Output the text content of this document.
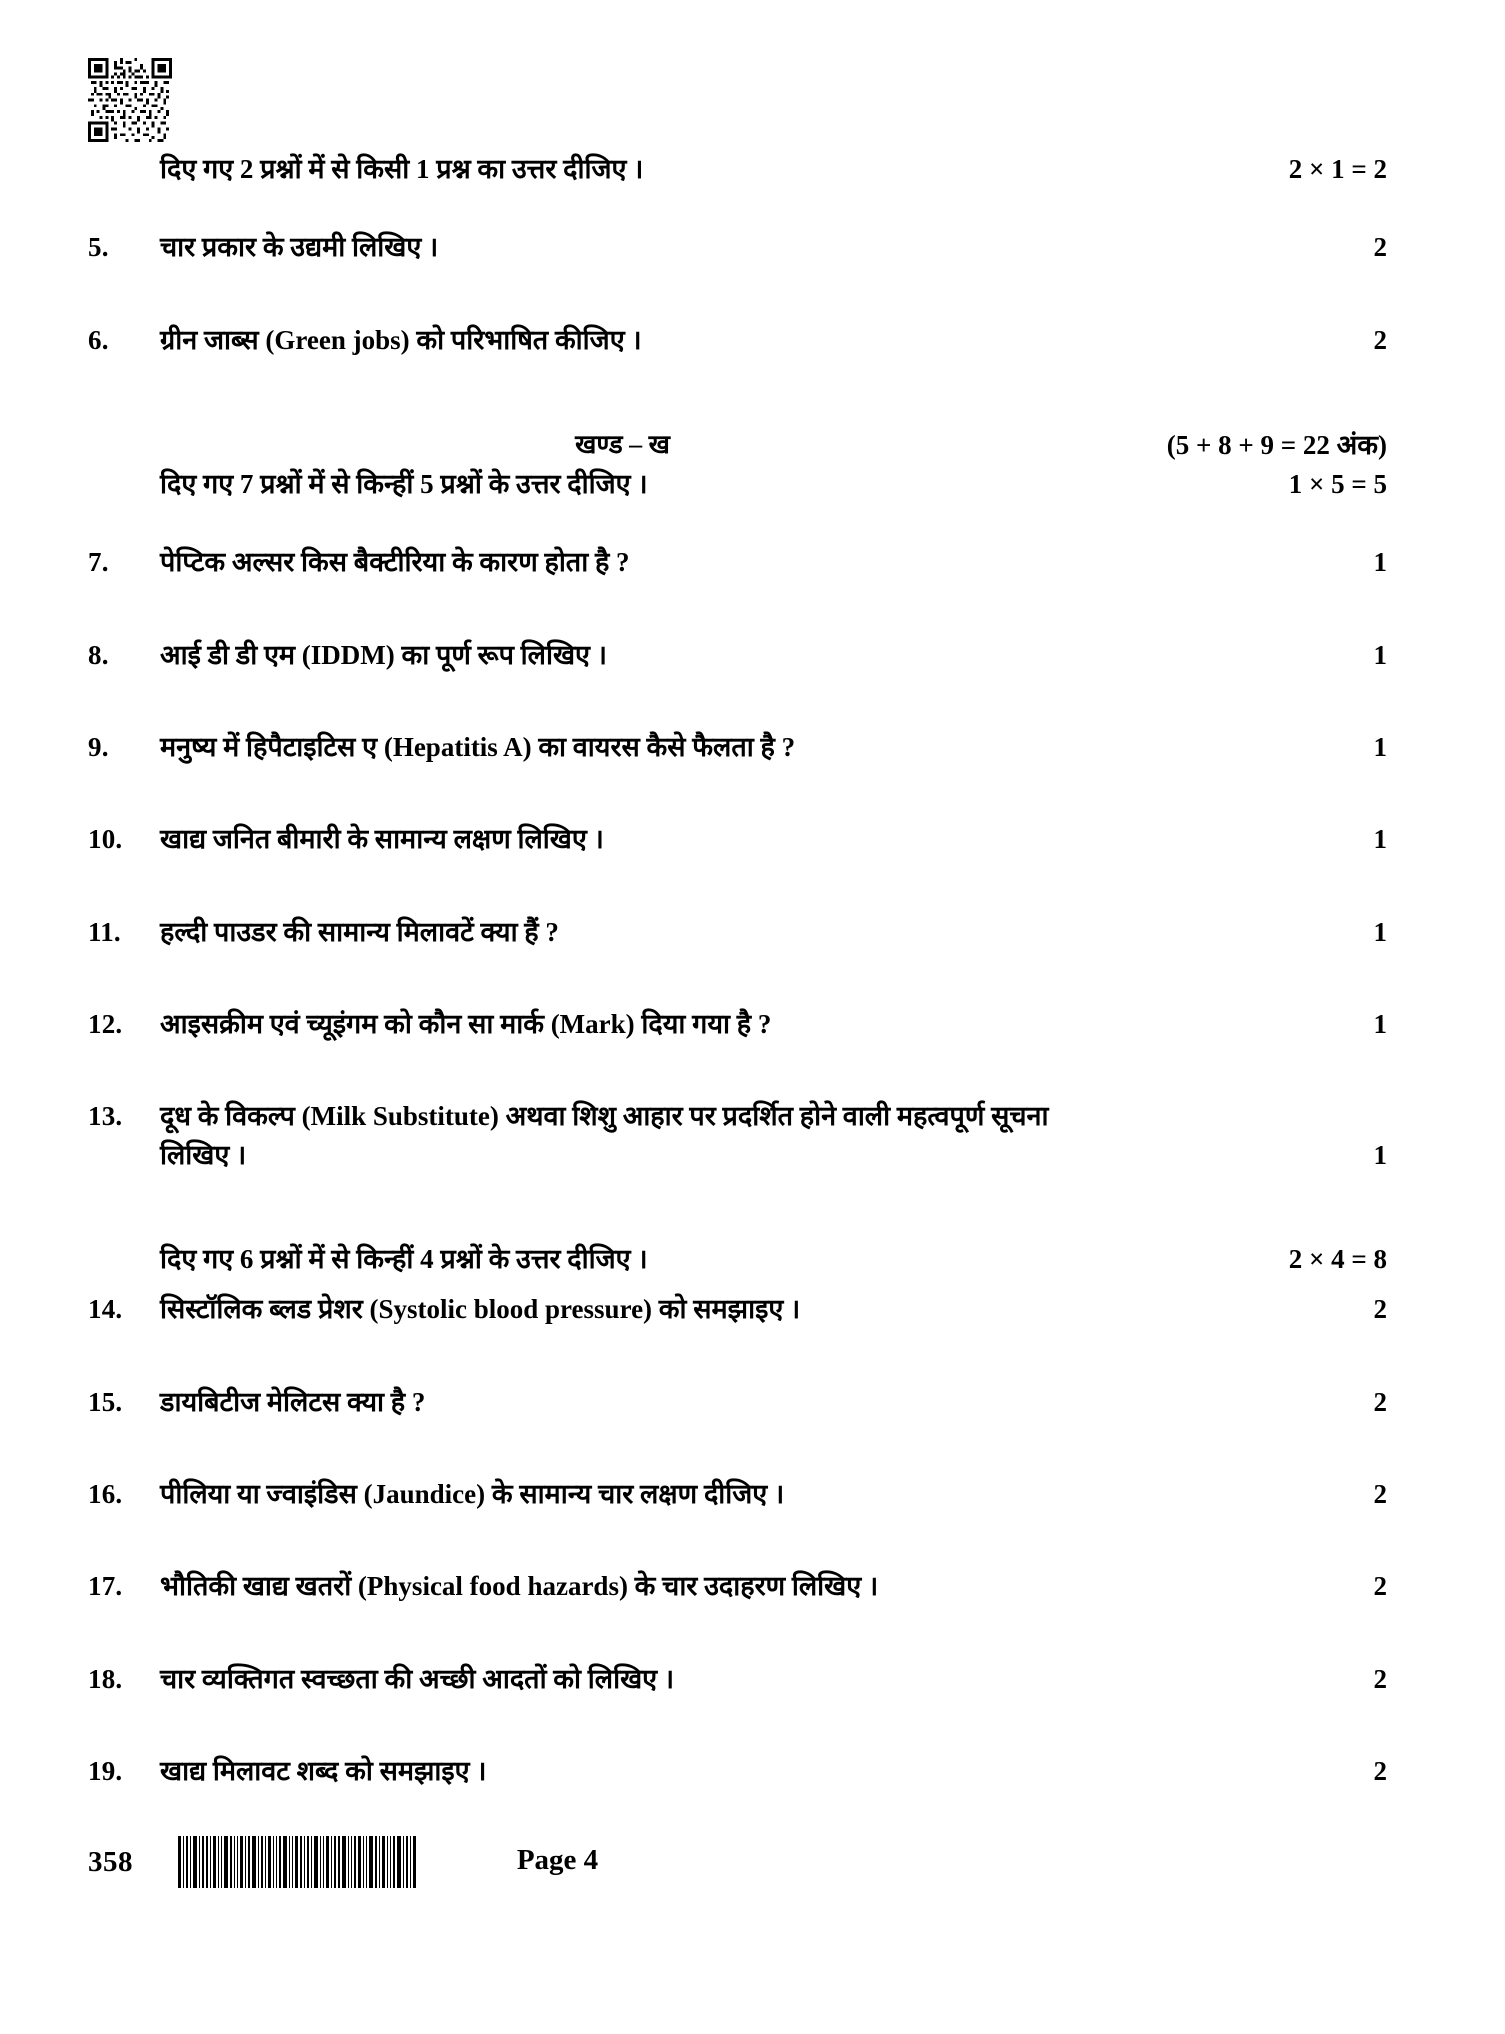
दिए गए 2 प्रश्नों में से किसी 1 प्रश्न का उत्तर दीजिए ।	2 × 1 = 2
5.	चार प्रकार के उद्यमी लिखिए ।	2
6.	ग्रीन जाब्स (Green jobs) को परिभाषित कीजिए ।	2
खण्ड – ख	(5 + 8 + 9 = 22 अंक)
दिए गए 7 प्रश्नों में से किन्हीं 5 प्रश्नों के उत्तर दीजिए ।	1 × 5 = 5
7.	पेप्टिक अल्सर किस बैक्टीरिया के कारण होता है ?	1
8.	आई डी डी एम (IDDM) का पूर्ण रूप लिखिए ।	1
9.	मनुष्य में हिपैटाइटिस ए (Hepatitis A) का वायरस कैसे फैलता है ?	1
10.	खाद्य जनित बीमारी के सामान्य लक्षण लिखिए ।	1
11.	हल्दी पाउडर की सामान्य मिलावटें क्या हैं ?	1
12.	आइसक्रीम एवं च्यूइंगम को कौन सा मार्क (Mark) दिया गया है ?	1
13.	दूध के विकल्प (Milk Substitute) अथवा शिशु आहार पर प्रदर्शित होने वाली महत्वपूर्ण सूचना
लिखिए ।	1
दिए गए 6 प्रश्नों में से किन्हीं 4 प्रश्नों के उत्तर दीजिए ।	2 × 4 = 8
14.	सिस्टॉलिक ब्लड प्रेशर (Systolic blood pressure) को समझाइए ।	2
15.	डायबिटीज मेलिटस क्या है ?	2
16.	पीलिया या ज्वाइंडिस (Jaundice) के सामान्य चार लक्षण दीजिए ।	2
17.	भौतिकी खाद्य खतरों (Physical food hazards) के चार उदाहरण लिखिए ।	2
18.	चार व्यक्तिगत स्वच्छता की अच्छी आदतों को लिखिए ।	2
19.	खाद्य मिलावट शब्द को समझाइए ।	2
358	Page 4
